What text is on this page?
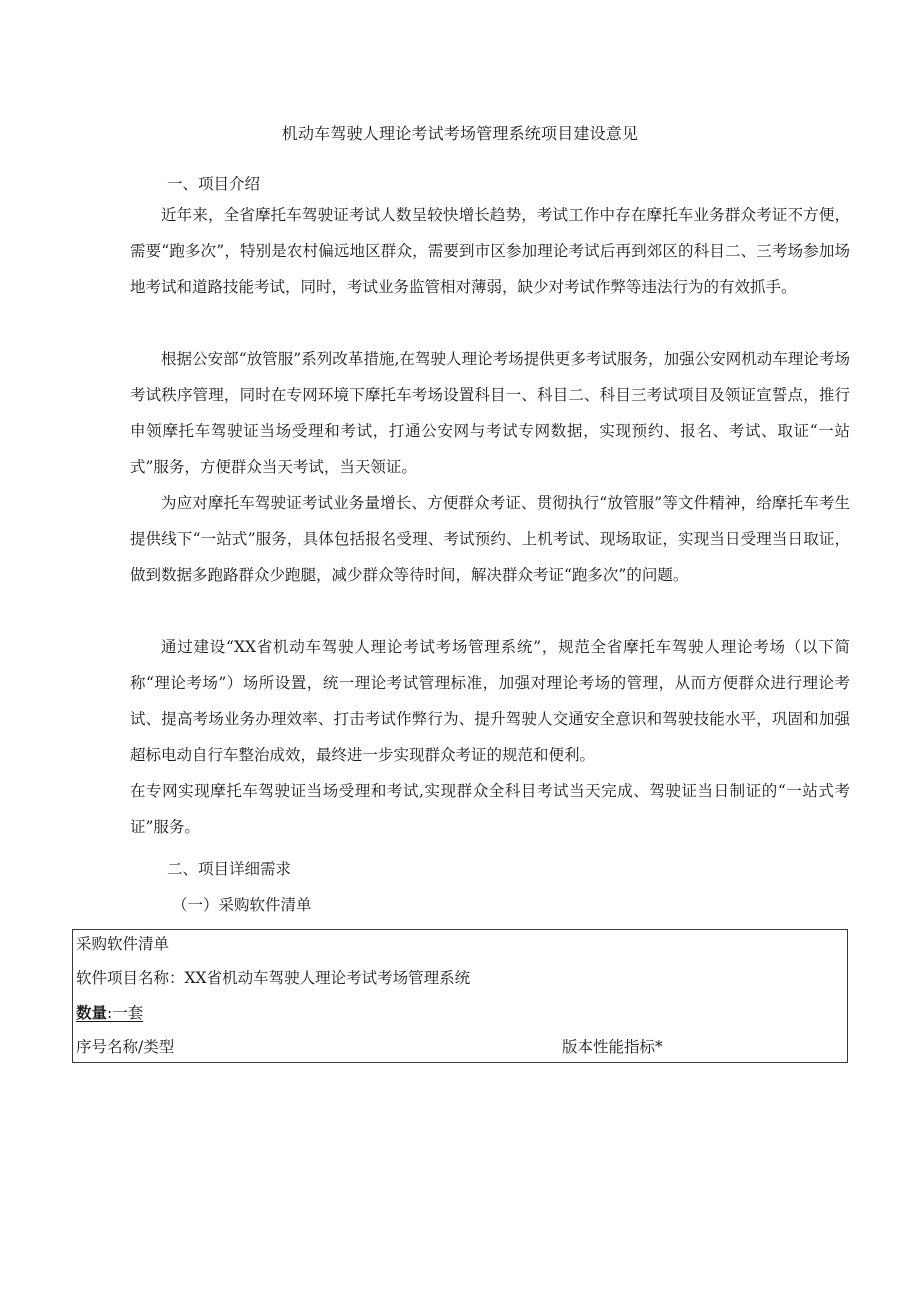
机动车驾驶人理论考试考场管理系统项目建设意见
一、项目介绍

近年来，全省摩托车驾驶证考试人数呈较快增长趋势，考试工作中存在摩托车业务群众考证不方便，需要“跑多次”，特别是农村偏远地区群众，需要到市区参加理论考试后再到郊区的科目二、三考场参加场地考试和道路技能考试，同时，考试业务监管相对薄弱，缺少对考试作弊等违法行为的有效抓手。

根据公安部“放管服”系列改革措施,在驾驶人理论考场提供更多考试服务，加强公安网机动车理论考场考试秩序管理，同时在专网环境下摩托车考场设置科目一、科目二、科目三考试项目及领证宣誓点，推行申领摩托车驾驶证当场受理和考试，打通公安网与考试专网数据，实现预约、报名、考试、取证“一站式”服务，方便群众当天考试，当天领证。

为应对摩托车驾驶证考试业务量增长、方便群众考证、贯彻执行“放管服”等文件精神，给摩托车考生提供线下“一站式”服务，具体包括报名受理、考试预约、上机考试、现场取证，实现当日受理当日取证，做到数据多跑路群众少跑腿，减少群众等待时间，解决群众考证“跑多次”的问题。

通过建设“XX省机动车驾驶人理论考试考场管理系统”，规范全省摩托车驾驶人理论考场（以下简称“理论考场”）场所设置，统一理论考试管理标准，加强对理论考场的管理，从而方便群众进行理论考试、提高考场业务办理效率、打击考试作弊行为、提升驾驶人交通安全意识和驾驶技能水平，巩固和加强超标电动自行车整治成效，最终进一步实现群众考证的规范和便利。

在专网实现摩托车驾驶证当场受理和考试,实现群众全科目考试当天完成、驾驶证当日制证的“一站式考证”服务。

二、项目详细需求
（一）采购软件清单
采购软件清单
软件项目名称：XX省机动车驾驶人理论考试考场管理系统
数量:一套
序号名称/类型	版本性能指标*
